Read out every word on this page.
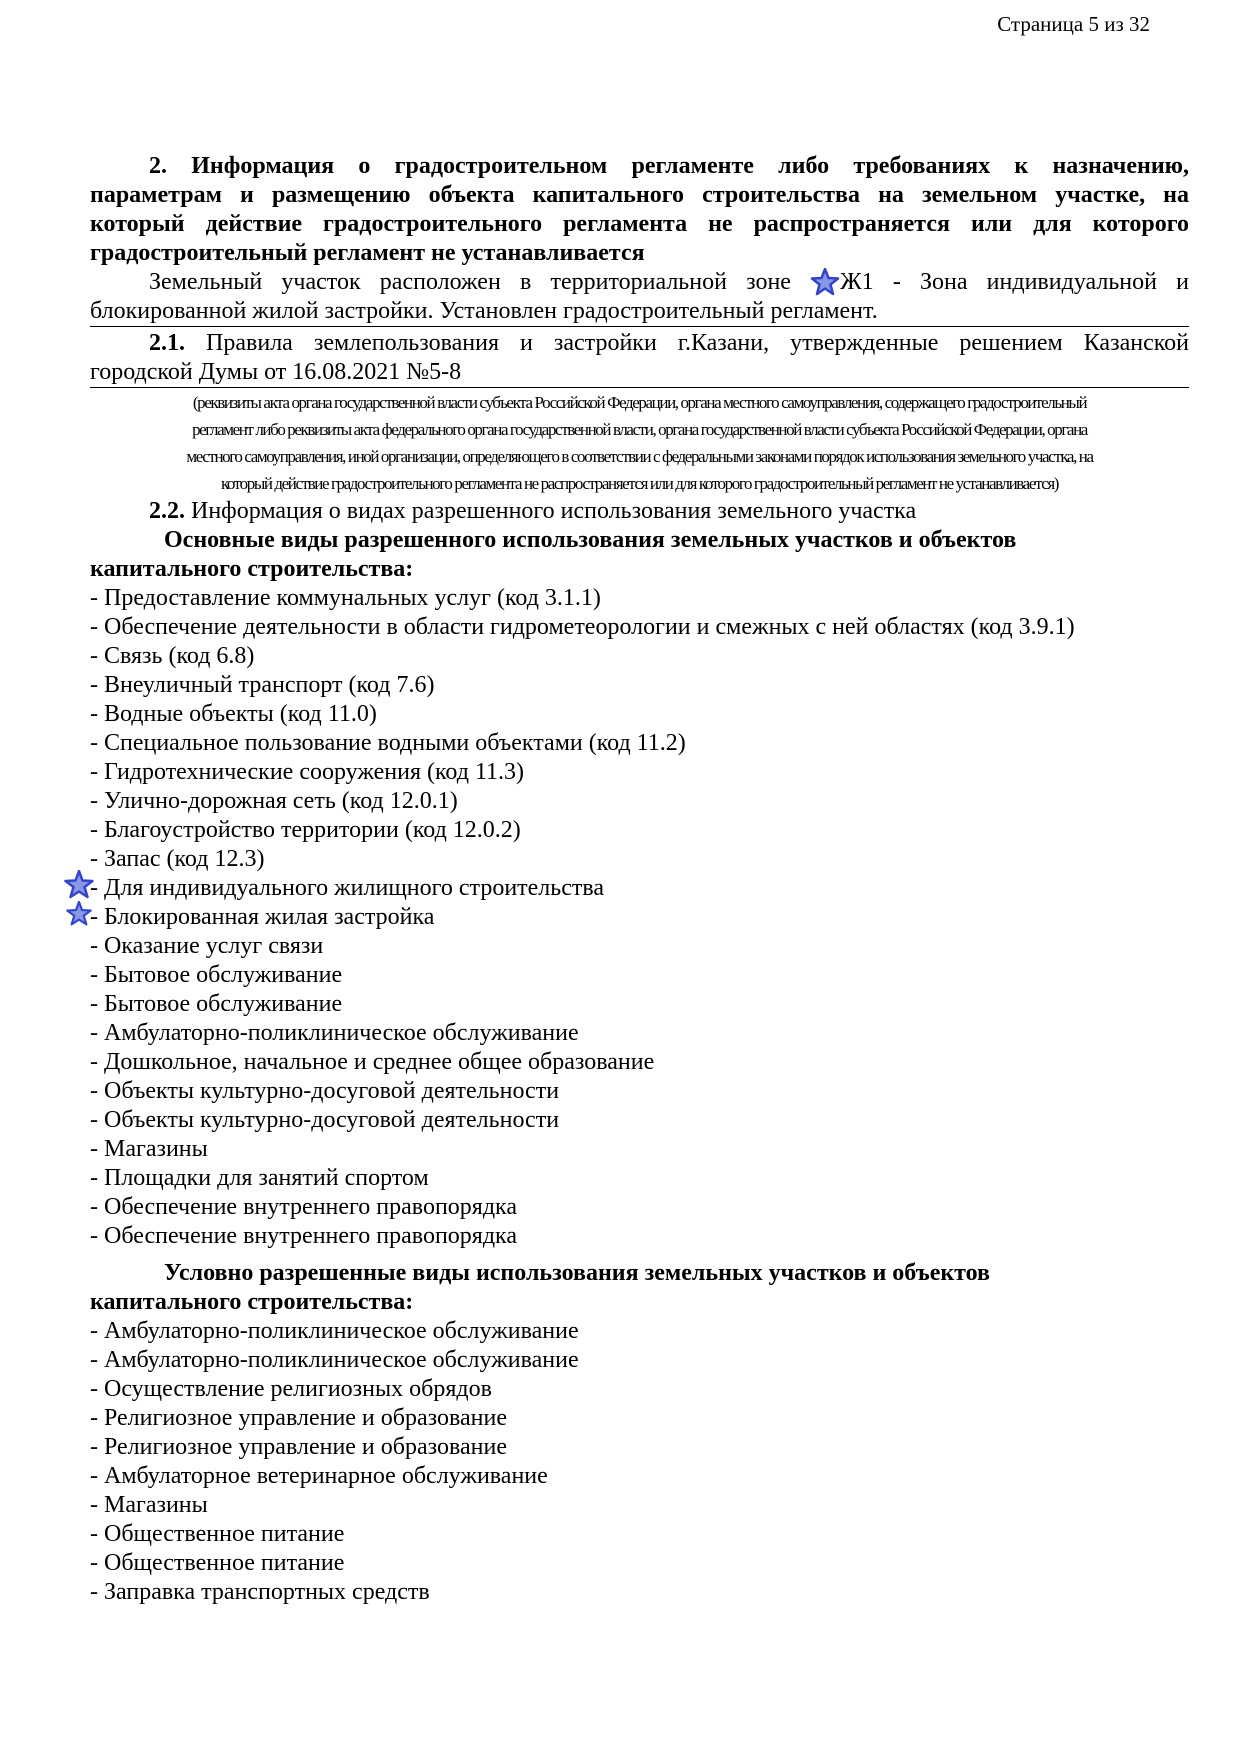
Страница 5 из 32
2. Информация о градостроительном регламенте либо требованиях к назначению,
параметрам и размещению объекта капитального строительства на земельном участке, на
который действие градостроительного регламента не распространяется или для которого
градостроительный регламент не устанавливается
Земельный участок расположен в территориальной зоне Ж1 - Зона индивидуальной и
блокированной жилой застройки. Установлен градостроительный регламент.
2.1. Правила землепользования и застройки г.Казани, утвержденные решением Казанской
городской Думы от 16.08.2021 №5-8
(реквизиты акта органа государственной власти субъекта Российской Федерации, органа местного самоуправления, содержащего градостроительный
регламент либо реквизиты акта федерального органа государственной власти, органа государственной власти субъекта Российской Федерации, органа
местного самоуправления, иной организации, определяющего в соответствии с федеральными законами порядок использования земельного участка, на
который действие градостроительного регламента не распространяется или для которого градостроительный регламент не устанавливается)
2.2. Информация о видах разрешенного использования земельного участка
Основные виды разрешенного использования земельных участков и объектов
капитального строительства:
- Предоставление коммунальных услуг (код 3.1.1)
- Обеспечение деятельности в области гидрометеорологии и смежных с ней областях (код 3.9.1)
- Связь (код 6.8)
- Внеуличный транспорт (код 7.6)
- Водные объекты (код 11.0)
- Специальное пользование водными объектами (код 11.2)
- Гидротехнические сооружения (код 11.3)
- Улично-дорожная сеть (код 12.0.1)
- Благоустройство территории (код 12.0.2)
- Запас (код 12.3)
- Для индивидуального жилищного строительства
- Блокированная жилая застройка
- Оказание услуг связи
- Бытовое обслуживание
- Бытовое обслуживание
- Амбулаторно-поликлиническое обслуживание
- Дошкольное, начальное и среднее общее образование
- Объекты культурно-досуговой деятельности
- Объекты культурно-досуговой деятельности
- Магазины
- Площадки для занятий спортом
- Обеспечение внутреннего правопорядка
- Обеспечение внутреннего правопорядка
Условно разрешенные виды использования земельных участков и объектов
капитального строительства:
- Амбулаторно-поликлиническое обслуживание
- Амбулаторно-поликлиническое обслуживание
- Осуществление религиозных обрядов
- Религиозное управление и образование
- Религиозное управление и образование
- Амбулаторное ветеринарное обслуживание
- Магазины
- Общественное питание
- Общественное питание
- Заправка транспортных средств
